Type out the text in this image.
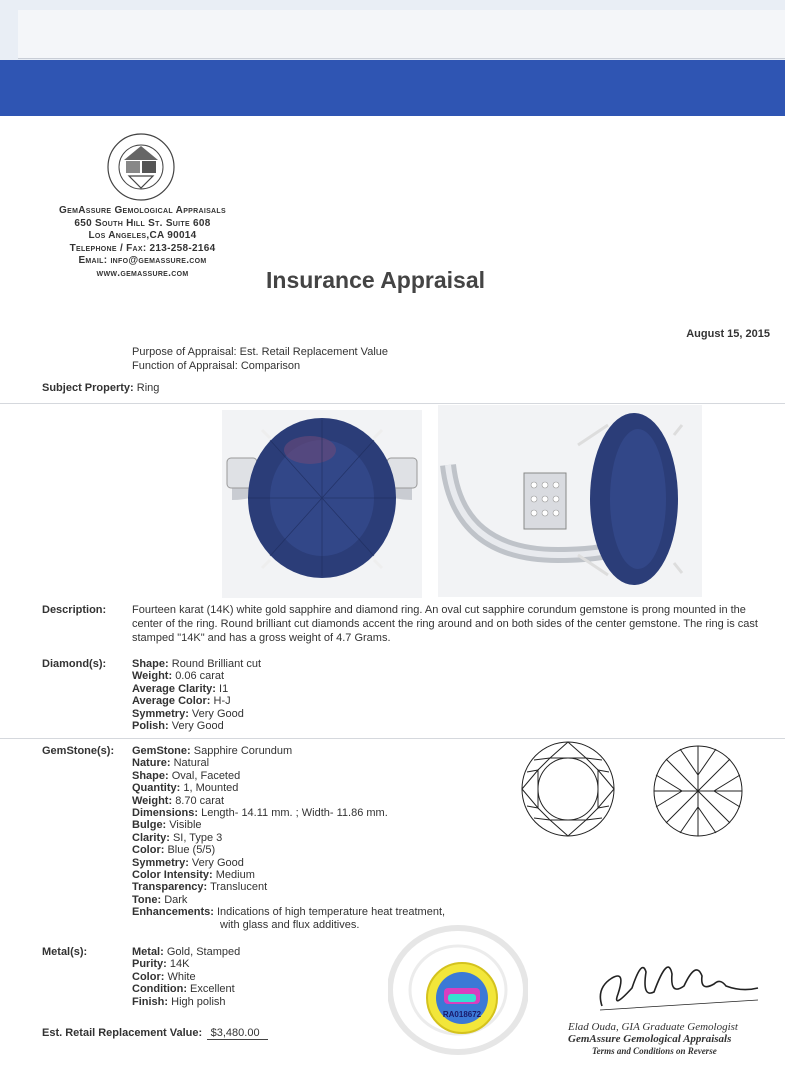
GemAssure Gemological Appraisals
650 South Hill St. Suite 608
Los Angeles,CA 90014
Telephone / Fax: 213-258-2164
Email: info@gemassure.com
www.gemassure.com	Insurance Appraisal
August 15, 2015
Purpose of Appraisal: Est. Retail Replacement Value
Function of Appraisal: Comparison
Subject Property: Ring
Description: Fourteen karat (14K) white gold sapphire and diamond ring. An oval cut sapphire corundum gemstone is prong mounted in the center of the ring. Round brilliant cut diamonds accent the ring around and on both sides of the center gemstone. The ring is cast stamped "14K" and has a gross weight of 4.7 Grams.
Diamond(s): Shape: Round Brilliant cut
Weight: 0.06 carat
Average Clarity: I1
Average Color: H-J
Symmetry: Very Good
Polish: Very Good
GemStone(s): GemStone: Sapphire Corundum
Nature: Natural
Shape: Oval, Faceted
Quantity: 1, Mounted
Weight: 8.70 carat
Dimensions: Length- 14.11 mm. ; Width- 11.86 mm.
Bulge: Visible
Clarity: SI, Type 3
Color: Blue (5/5)
Symmetry: Very Good
Color Intensity: Medium
Transparency: Translucent
Tone: Dark
Enhancements: Indications of high temperature heat treatment,
with glass and flux additives.
Metal(s):	Metal: Gold, Stamped
Purity: 14K
Color: White
Condition: Excellent
Finish: High polish
Est. Retail Replacement Value: $3,480.00
RA018672
Elad Ouda, GIA Graduate Gemologist
GemAssure Gemological Appraisals
Terms and Conditions on Reverse
